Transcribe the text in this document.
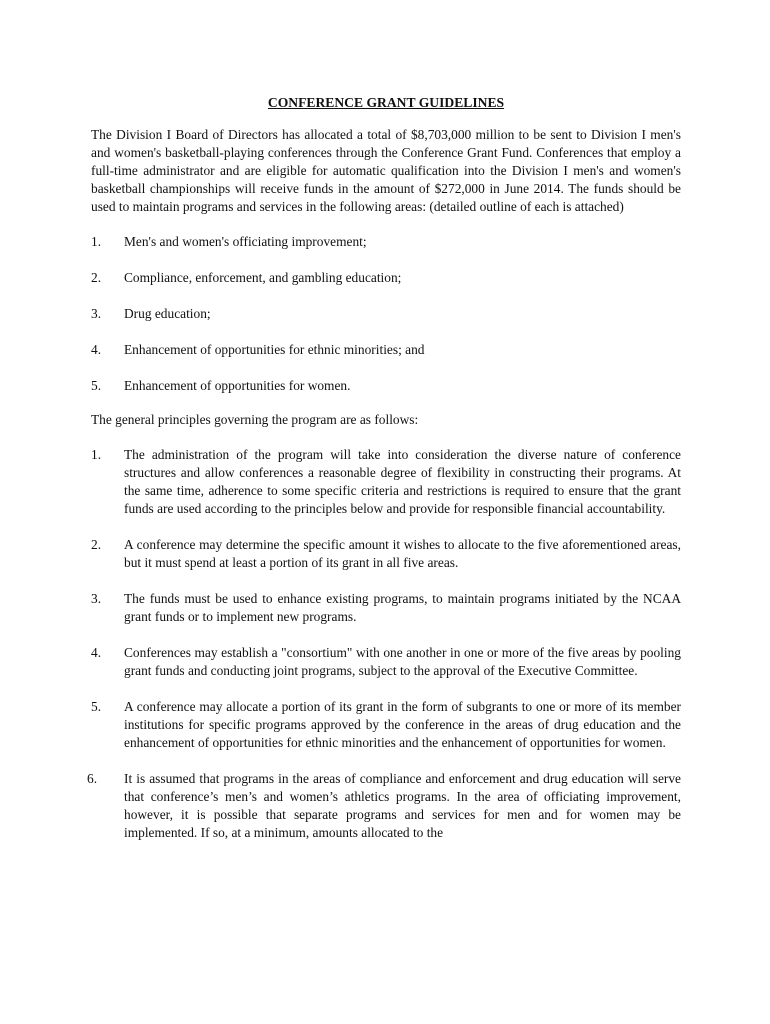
CONFERENCE GRANT GUIDELINES

The Division I Board of Directors has allocated a total of $8,703,000 million to be sent to Division I men's and women's basketball-playing conferences through the Conference Grant Fund. Conferences that employ a full-time administrator and are eligible for automatic qualification into the Division I men's and women's basketball championships will receive funds in the amount of $272,000 in June 2014. The funds should be used to maintain programs and services in the following areas: (detailed outline of each is attached)

1.	Men's and women's officiating improvement;
2.	Compliance, enforcement, and gambling education;
3.	Drug education;
4.	Enhancement of opportunities for ethnic minorities; and
5.	Enhancement of opportunities for women.

The general principles governing the program are as follows:

1.	The administration of the program will take into consideration the diverse nature of conference structures and allow conferences a reasonable degree of flexibility in constructing their programs. At the same time, adherence to some specific criteria and restrictions is required to ensure that the grant funds are used according to the principles below and provide for responsible financial accountability.
2.	A conference may determine the specific amount it wishes to allocate to the five aforementioned areas, but it must spend at least a portion of its grant in all five areas.
3.	The funds must be used to enhance existing programs, to maintain programs initiated by the NCAA grant funds or to implement new programs.
4.	Conferences may establish a "consortium" with one another in one or more of the five areas by pooling grant funds and conducting joint programs, subject to the approval of the Executive Committee.
5.	A conference may allocate a portion of its grant in the form of subgrants to one or more of its member institutions for specific programs approved by the conference in the areas of drug education and the enhancement of opportunities for ethnic minorities and the enhancement of opportunities for women.
6.	It is assumed that programs in the areas of compliance and enforcement and drug education will serve that conference’s men’s and women’s athletics programs. In the area of officiating improvement, however, it is possible that separate programs and services for men and for women may be implemented. If so, at a minimum, amounts allocated to the
